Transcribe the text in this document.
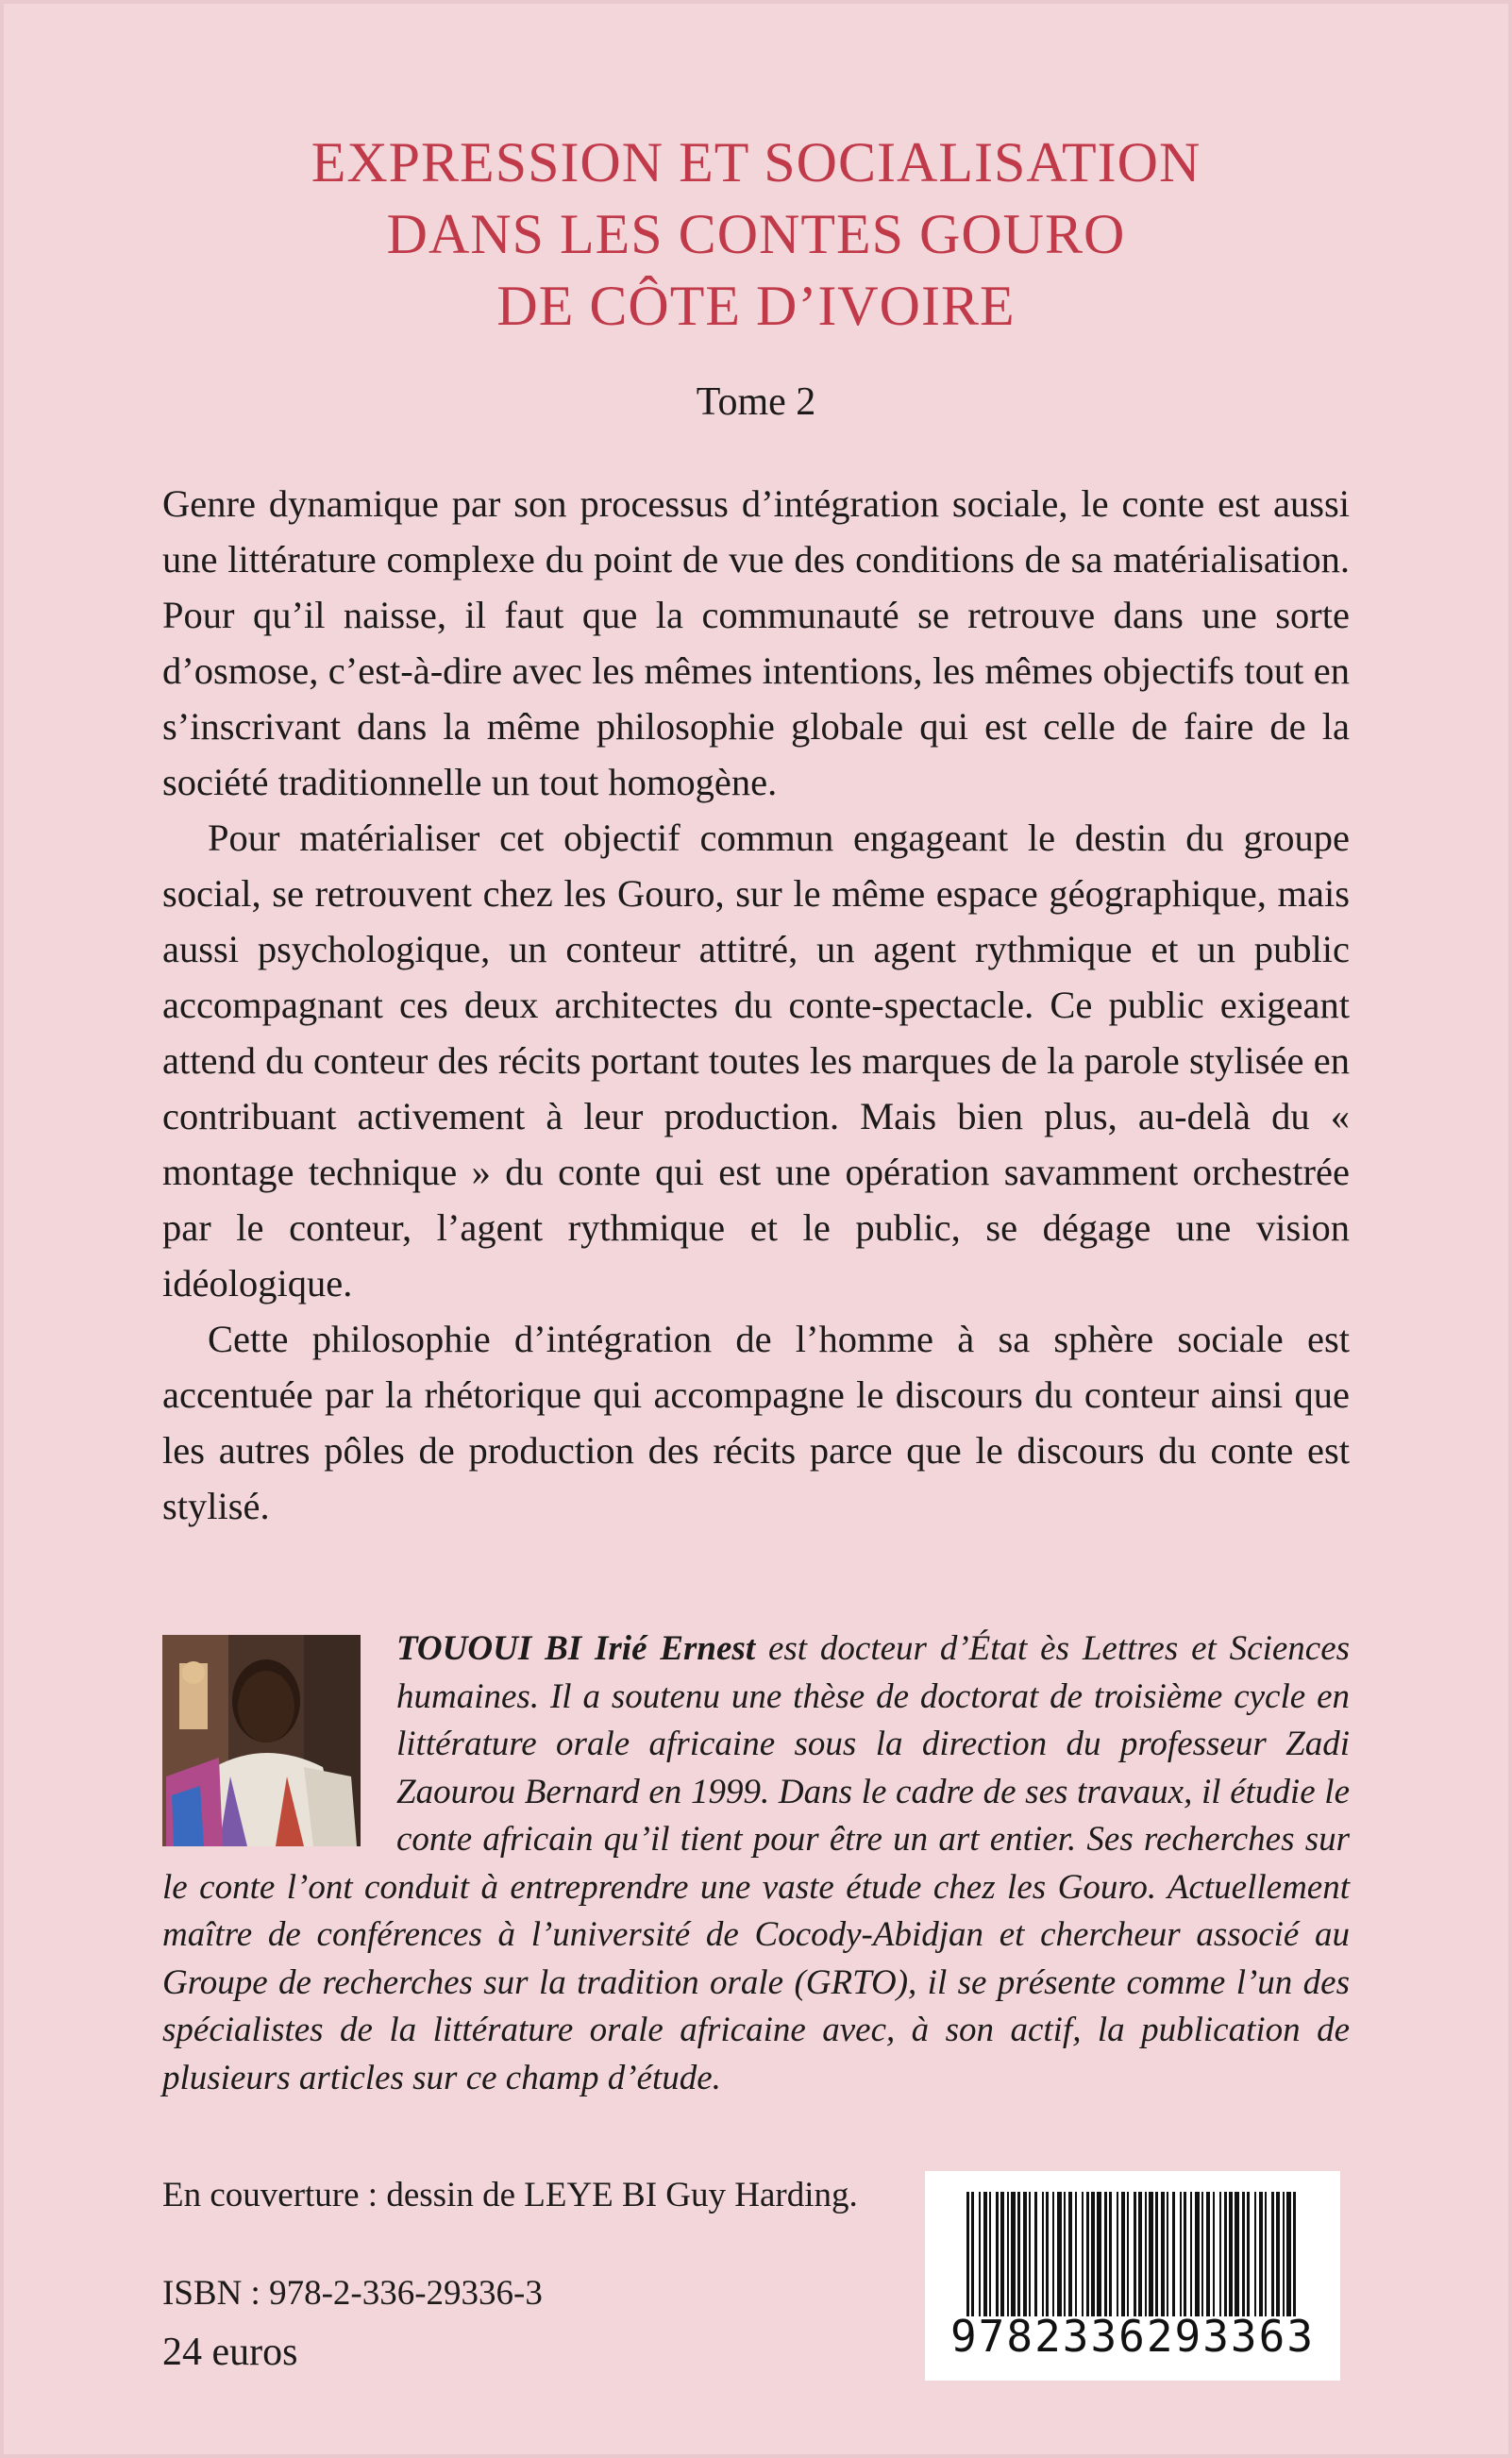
EXPRESSION ET SOCIALISATION
DANS LES CONTES GOURO
DE CÔTE D’IVOIRE
Tome 2

Genre dynamique par son processus d’intégration sociale, le conte est aussi une littérature complexe du point de vue des conditions de sa matérialisation. Pour qu’il naisse, il faut que la communauté se retrouve dans une sorte d’osmose, c’est-à-dire avec les mêmes intentions, les mêmes objectifs tout en s’inscrivant dans la même philosophie globale qui est celle de faire de la société traditionnelle un tout homogène.

Pour matérialiser cet objectif commun engageant le destin du groupe social, se retrouvent chez les Gouro, sur le même espace géographique, mais aussi psychologique, un conteur attitré, un agent rythmique et un public accompagnant ces deux architectes du conte-spectacle. Ce public exigeant attend du conteur des récits portant toutes les marques de la parole stylisée en contribuant activement à leur production. Mais bien plus, au-delà du « montage technique » du conte qui est une opération savamment orchestrée par le conteur, l’agent rythmique et le public, se dégage une vision idéologique.

Cette philosophie d’intégration de l’homme à sa sphère sociale est accentuée par la rhétorique qui accompagne le discours du conteur ainsi que les autres pôles de production des récits parce que le discours du conte est stylisé.

TOUOUI BI Irié Ernest est docteur d’État ès Lettres et Sciences humaines. Il a soutenu une thèse de doctorat de troisième cycle en littérature orale africaine sous la direction du professeur Zadi Zaourou Bernard en 1999. Dans le cadre de ses travaux, il étudie le conte africain qu’il tient pour être un art entier. Ses recherches sur le conte l’ont conduit à entreprendre une vaste étude chez les Gouro. Actuellement maître de conférences à l’université de Cocody-Abidjan et chercheur associé au Groupe de recherches sur la tradition orale (GRTO), il se présente comme l’un des spécialistes de la littérature orale africaine avec, à son actif, la publication de plusieurs articles sur ce champ d’étude.
En couverture : dessin de LEYE BI Guy Harding.
ISBN : 978-2-336-29336-3
24 euros	9782336293363
